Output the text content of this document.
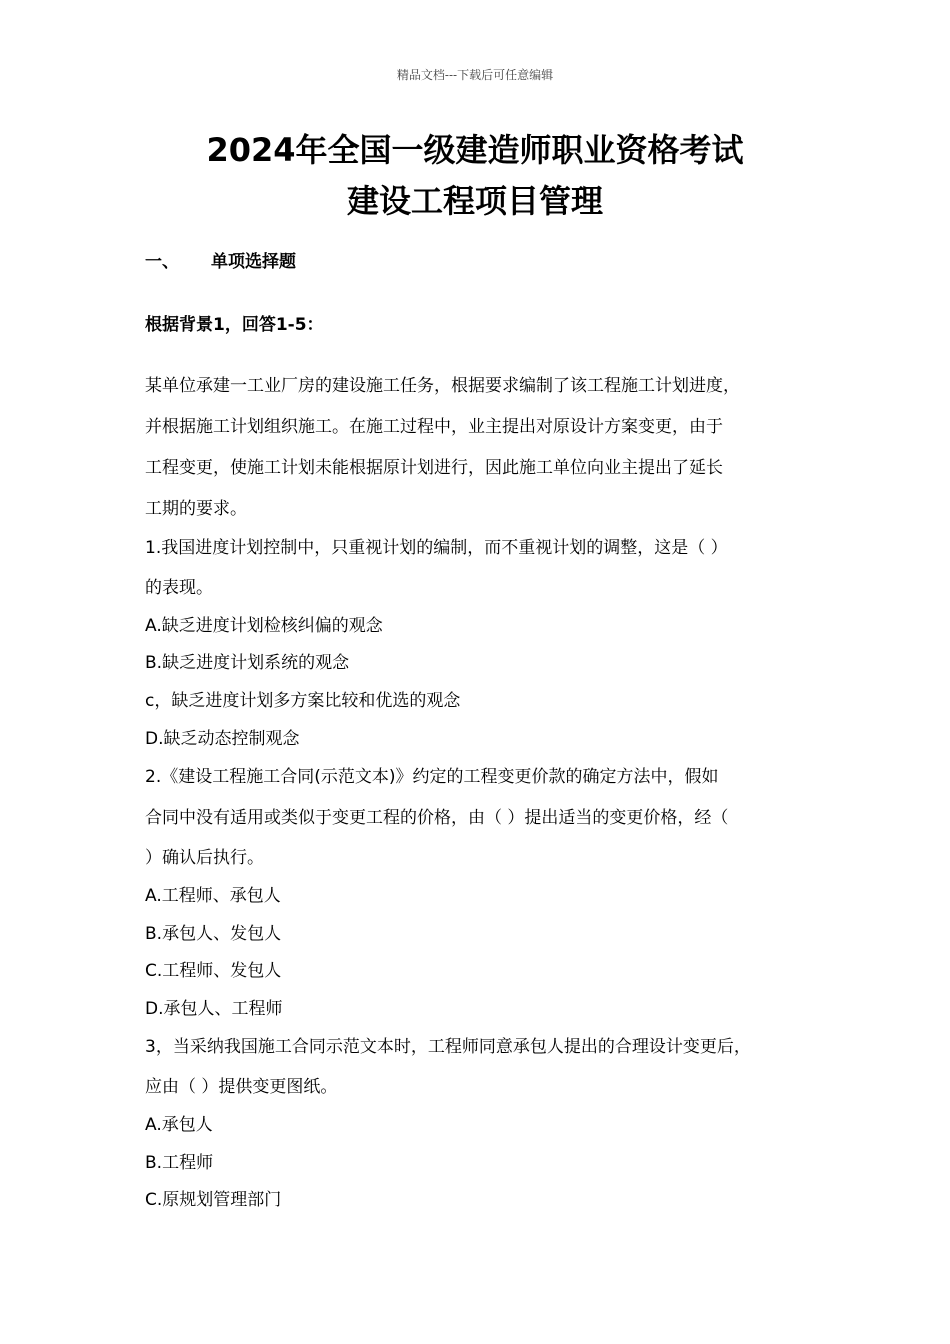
精品文档---下载后可任意编辑
2024年全国一级建造师职业资格考试
建设工程项目管理
一、 单项选择题
根据背景1，回答1-5：
某单位承建一工业厂房的建设施工任务，根据要求编制了该工程施工计划进度，
并根据施工计划组织施工。在施工过程中，业主提出对原设计方案变更，由于
工程变更，使施工计划未能根据原计划进行，因此施工单位向业主提出了延长
工期的要求。
1.我国进度计划控制中，只重视计划的编制，而不重视计划的调整，这是（ ）
的表现。
A.缺乏进度计划检核纠偏的观念
B.缺乏进度计划系统的观念
c，缺乏进度计划多方案比较和优选的观念
D.缺乏动态控制观念
2.《建设工程施工合同(示范文本)》约定的工程变更价款的确定方法中，假如
合同中没有适用或类似于变更工程的价格，由（ ）提出适当的变更价格，经（
）确认后执行。
A.工程师、承包人
B.承包人、发包人
C.工程师、发包人
D.承包人、工程师
3，当采纳我国施工合同示范文本时，工程师同意承包人提出的合理设计变更后，
应由（ ）提供变更图纸。
A.承包人
B.工程师
C.原规划管理部门
